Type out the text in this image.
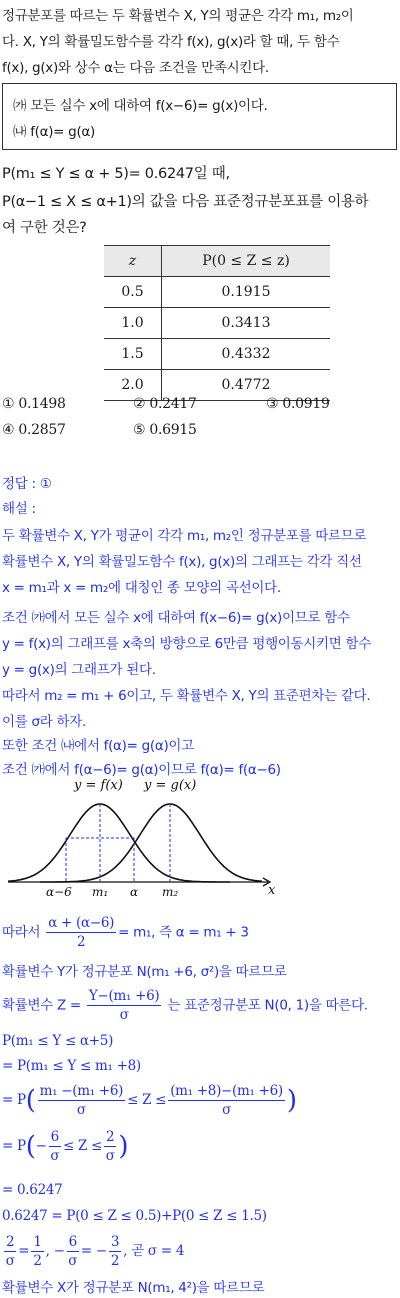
정규분포를 따르는 두 확률변수 X, Y의 평균은 각각 m₁, m₂이
다. X, Y의 확률밀도함수를 각각 f(x), g(x)라 할 때, 두 함수
f(x), g(x)와 상수 α는 다음 조건을 만족시킨다.
㈎ 모든 실수 x에 대하여 f(x−6)= g(x)이다.
㈏ f(α)= g(α)
P(m₁ ≤ Y ≤ α + 5)= 0.6247일 때,
P(α−1 ≤ X ≤ α+1)의 값을 다음 표준정규분포표를 이용하
여 구한 것은?
z	P(0 ≤ Z ≤ z)
0.5	0.1915
1.0	0.3413
1.5	0.4332
2.0	0.4772
① 0.1498	② 0.2417	③ 0.0919
④ 0.2857	⑤ 0.6915
정답 : ①
해설 :
두 확률변수 X, Y가 평균이 각각 m₁, m₂인 정규분포를 따르므로
확률변수 X, Y의 확률밀도함수 f(x), g(x)의 그래프는 각각 직선
x = m₁과 x = m₂에 대칭인 종 모양의 곡선이다.
조건 ㈎에서 모든 실수 x에 대하여 f(x−6)= g(x)이므로 함수
y = f(x)의 그래프를 x축의 방향으로 6만큼 평행이동시키면 함수
y = g(x)의 그래프가 된다.
따라서 m₂ = m₁ + 6이고, 두 확률변수 X, Y의 표준편차는 같다.
이를 σ라 하자.
또한 조건 ㈏에서 f(α)= g(α)이고
조건 ㈎에서 f(α−6)= g(α)이므로 f(α)= f(α−6)
y = f(x) y = g(x)
α−6 m₁ α m₂	x
따라서 $\frac{\alpha + (\alpha-6)}{2} = m_1$, 즉 α = m₁ + 3
확률변수 Y가 정규분포 N(m₁ +6, σ²)을 따르므로
확률변수 $Z = \frac{\text{Y−(m₁ +6)}}{\sigma}$ 는 표준정규분포 N(0, 1)을 따른다.
P(m₁ ≤ Y ≤ α+5)
= P(m₁ ≤ Y ≤ m₁ +8)
= $P( \frac{\text{m₁ −(m₁ +6)}}{\sigma} \le Z \le \frac{\text{(m₁ +8)−(m₁ +6)}}{\sigma}$ )
= $P(- \frac{6}{\sigma} \le Z \le \frac{2}{\sigma}$ )
= 0.6247
0.6247 = P(0 ≤ Z ≤ 0.5)+P(0 ≤ Z ≤ 1.5)
$\frac{2}{\sigma} = \frac{1}{2}$ , − $\frac{6}{\sigma}$ = − $\frac{3}{2}$ , 곧 σ = 4
확률변수 X가 정규분포 N(m₁, 4²)을 따르므로
